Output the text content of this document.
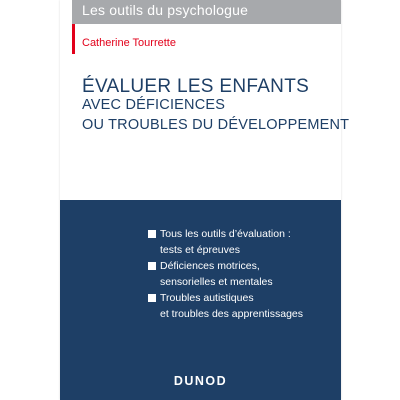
Les outils du psychologue
Catherine Tourrette
ÉVALUER LES ENFANTS
AVEC DÉFICIENCES
OU TROUBLES DU DÉVELOPPEMENT
Tous les outils d’évaluation :
tests et épreuves
Déficiences motrices,
sensorielles et mentales
Troubles autistiques
et troubles des apprentissages
DUNOD
